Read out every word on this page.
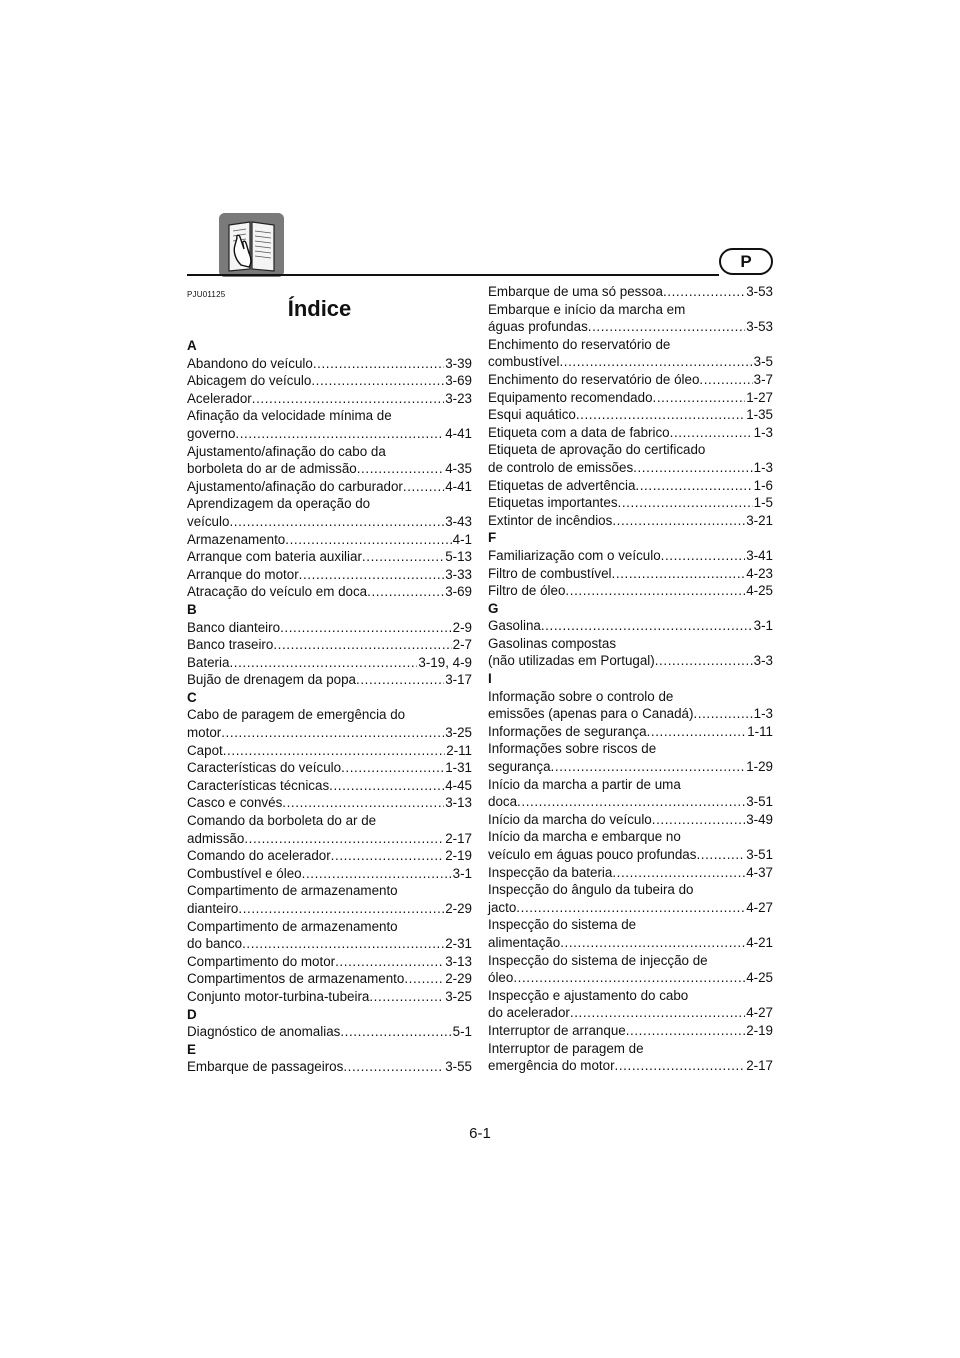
P
PJU01125
Índice
A
Abandono do veículo .....	3-39
Abicagem do veículo .....	3-69
Acelerador .....	3-23
Afinação da velocidade mínima de
governo .....	4-41
Ajustamento/afinação do cabo da
borboleta do ar de admissão .....	4-35
Ajustamento/afinação do carburador .....	4-41
Aprendizagem da operação do
veículo .....	3-43
Armazenamento .....	4-1
Arranque com bateria auxiliar .....	5-13
Arranque do motor .....	3-33
Atracação do veículo em doca .....	3-69
B
Banco dianteiro .....	2-9
Banco traseiro .....	2-7
Bateria .....	3-19, 4-9
Bujão de drenagem da popa .....	3-17
C
Cabo de paragem de emergência do
motor .....	3-25
Capot .....	2-11
Características do veículo .....	1-31
Características técnicas .....	4-45
Casco e convés .....	3-13
Comando da borboleta do ar de
admissão .....	2-17
Comando do acelerador .....	2-19
Combustível e óleo .....	3-1
Compartimento de armazenamento
dianteiro .....	2-29
Compartimento de armazenamento
do banco .....	2-31
Compartimento do motor .....	3-13
Compartimentos de armazenamento .....	2-29
Conjunto motor-turbina-tubeira .....	3-25
D
Diagnóstico de anomalias .....	5-1
E
Embarque de passageiros .....	3-55
Embarque de uma só pessoa .....	3-53
Embarque e início da marcha em
águas profundas .....	3-53
Enchimento do reservatório de
combustível .....	3-5
Enchimento do reservatório de óleo .....	3-7
Equipamento recomendado .....	1-27
Esqui aquático .....	1-35
Etiqueta com a data de fabrico .....	1-3
Etiqueta de aprovação do certificado
de controlo de emissões .....	1-3
Etiquetas de advertência .....	1-6
Etiquetas importantes .....	1-5
Extintor de incêndios .....	3-21
F
Familiarização com o veículo .....	3-41
Filtro de combustível .....	4-23
Filtro de óleo .....	4-25
G
Gasolina .....	3-1
Gasolinas compostas
(não utilizadas em Portugal) .....	3-3
I
Informação sobre o controlo de
emissões (apenas para o Canadá) .....	1-3
Informações de segurança .....	1-11
Informações sobre riscos de
segurança .....	1-29
Início da marcha a partir de uma
doca .....	3-51
Início da marcha do veículo .....	3-49
Início da marcha e embarque no
veículo em águas pouco profundas .....	3-51
Inspecção da bateria .....	4-37
Inspecção do ângulo da tubeira do
jacto .....	4-27
Inspecção do sistema de
alimentação .....	4-21
Inspecção do sistema de injecção de
óleo .....	4-25
Inspecção e ajustamento do cabo
do acelerador .....	4-27
Interruptor de arranque .....	2-19
Interruptor de paragem de
emergência do motor .....	2-17
6-1
